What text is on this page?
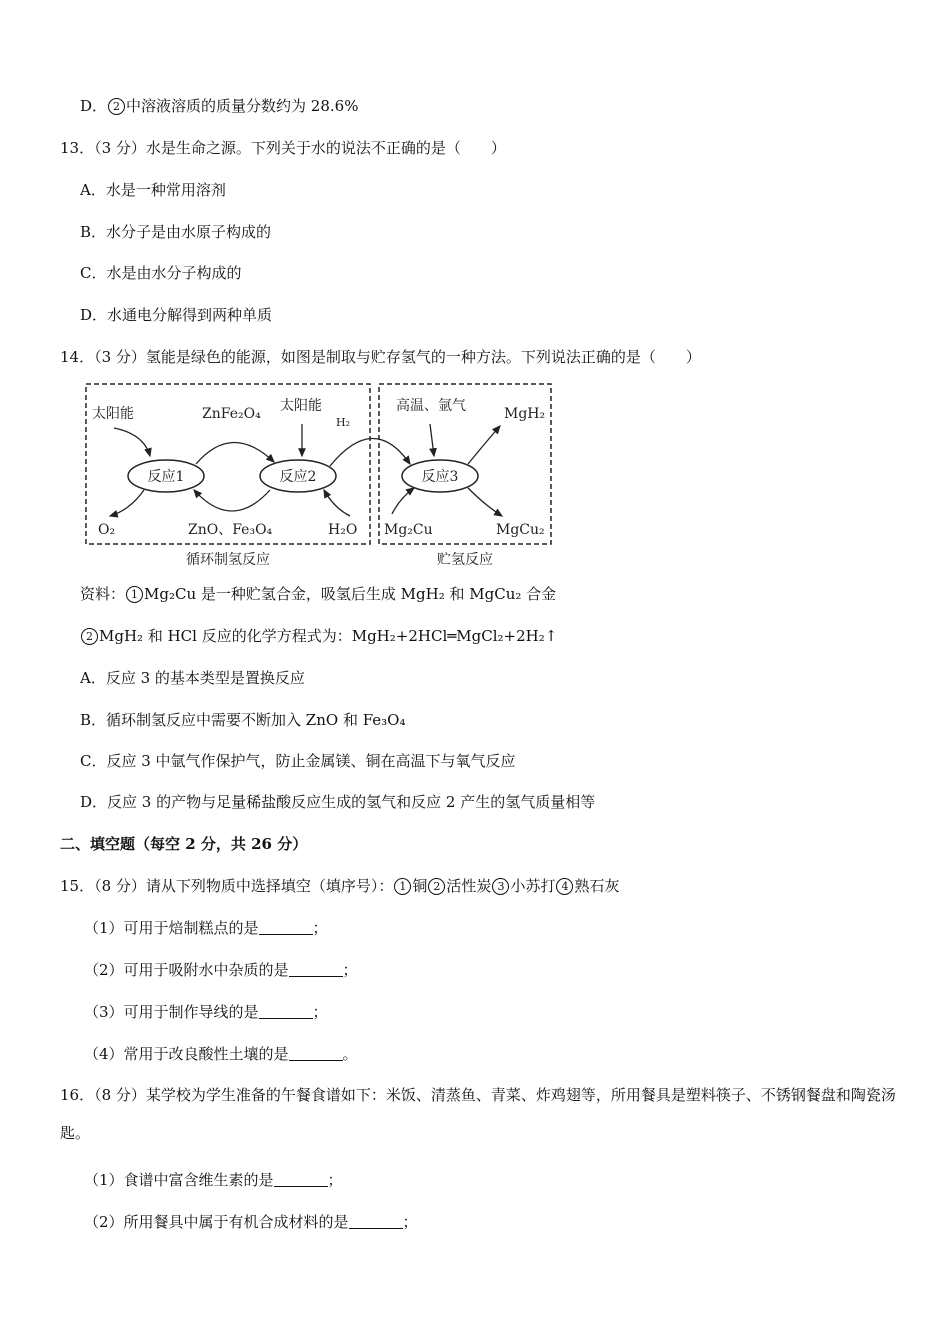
D． 2 中溶液溶质的质量分数约为 28.6%
13．（3 分）水是生命之源。下列关于水的说法不正确的是（　　）
A．水是一种常用溶剂
B．水分子是由水原子构成的
C．水是由水分子构成的
D．水通电分解得到两种单质
14．（3 分）氢能是绿色的能源，如图是制取与贮存氢气的一种方法。下列说法正确的是（　　）
反应1	反应2	反应3
太阳能	ZnFe₂O₄ 太阳能
H₂
高温、氩气	MgH₂
O₂	ZnO、Fe₃O₄	H₂O Mg₂Cu	MgCu₂
循环制氢反应	贮氢反应
资料： 1 Mg₂Cu 是一种贮氢合金，吸氢后生成 MgH₂ 和 MgCu₂ 合金
2 MgH₂ 和 HCl 反应的化学方程式为：MgH₂+2HCl═MgCl₂+2H₂↑
A．反应 3 的基本类型是置换反应
B．循环制氢反应中需要不断加入 ZnO 和 Fe₃O₄
C．反应 3 中氩气作保护气，防止金属镁、铜在高温下与氧气反应
D．反应 3 的产物与足量稀盐酸反应生成的氢气和反应 2 产生的氢气质量相等
二、填空题（每空 2 分，共 26 分）
15．（8 分）请从下列物质中选择填空（填序号）： 1 铜 2 活性炭 3 小苏打 4 熟石灰
（1）可用于焙制糕点的是	；
（2）可用于吸附水中杂质的是	；
（3）可用于制作导线的是	；
（4）常用于改良酸性土壤的是	。
16．（8 分）某学校为学生准备的午餐食谱如下：米饭、清蒸鱼、青菜、炸鸡翅等，所用餐具是塑料筷子、不锈钢餐盘和陶瓷汤匙。
（1）食谱中富含维生素的是	；
（2）所用餐具中属于有机合成材料的是	；
